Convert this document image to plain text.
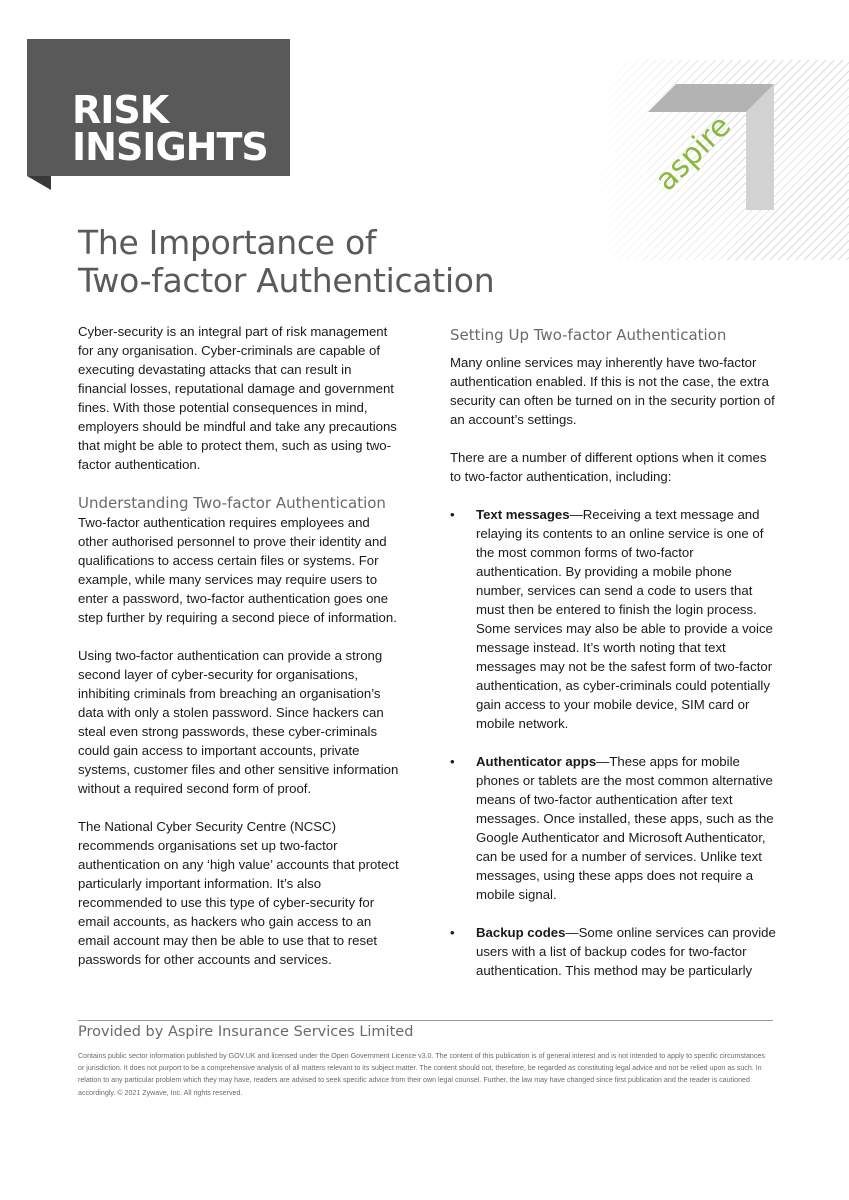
RISK
INSIGHTS	aspire
The Importance of
Two-factor Authentication

Cyber-security is an integral part of risk management for any organisation. Cyber-criminals are capable of executing devastating attacks that can result in financial losses, reputational damage and government fines. With those potential consequences in mind, employers should be mindful and take any precautions that might be able to protect them, such as using two-factor authentication.

Understanding Two-factor Authentication

Two-factor authentication requires employees and other authorised personnel to prove their identity and qualifications to access certain files or systems. For example, while many services may require users to enter a password, two-factor authentication goes one step further by requiring a second piece of information.

Using two-factor authentication can provide a strong second layer of cyber-security for organisations, inhibiting criminals from breaching an organisation’s data with only a stolen password. Since hackers can steal even strong passwords, these cyber-criminals could gain access to important accounts, private systems, customer files and other sensitive information without a required second form of proof.

The National Cyber Security Centre (NCSC) recommends organisations set up two-factor authentication on any ‘high value’ accounts that protect particularly important information. It’s also recommended to use this type of cyber-security for email accounts, as hackers who gain access to an email account may then be able to use that to reset passwords for other accounts and services.

Setting Up Two-factor Authentication

Many online services may inherently have two-factor authentication enabled. If this is not the case, the extra security can often be turned on in the security portion of an account’s settings.

There are a number of different options when it comes to two-factor authentication, including:

• Text messages—Receiving a text message and relaying its contents to an online service is one of the most common forms of two-factor authentication. By providing a mobile phone number, services can send a code to users that must then be entered to finish the login process. Some services may also be able to provide a voice message instead. It’s worth noting that text messages may not be the safest form of two-factor authentication, as cyber-criminals could potentially gain access to your mobile device, SIM card or mobile network.
• Authenticator apps—These apps for mobile phones or tablets are the most common alternative means of two-factor authentication after text messages. Once installed, these apps, such as the Google Authenticator and Microsoft Authenticator, can be used for a number of services. Unlike text messages, using these apps does not require a mobile signal.
• Backup codes—Some online services can provide users with a list of backup codes for two-factor authentication. This method may be particularly
Provided by Aspire Insurance Services Limited
Contains public sector information published by GOV.UK and licensed under the Open Government Licence v3.0. The content of this publication is of general interest and is not intended to apply to specific circumstances or jurisdiction. It does not purport to be a comprehensive analysis of all matters relevant to its subject matter. The content should not, therefore, be regarded as constituting legal advice and not be relied upon as such. In relation to any particular problem which they may have, readers are advised to seek specific advice from their own legal counsel. Further, the law may have changed since first publication and the reader is cautioned accordingly. © 2021 Zywave, Inc. All rights reserved.
